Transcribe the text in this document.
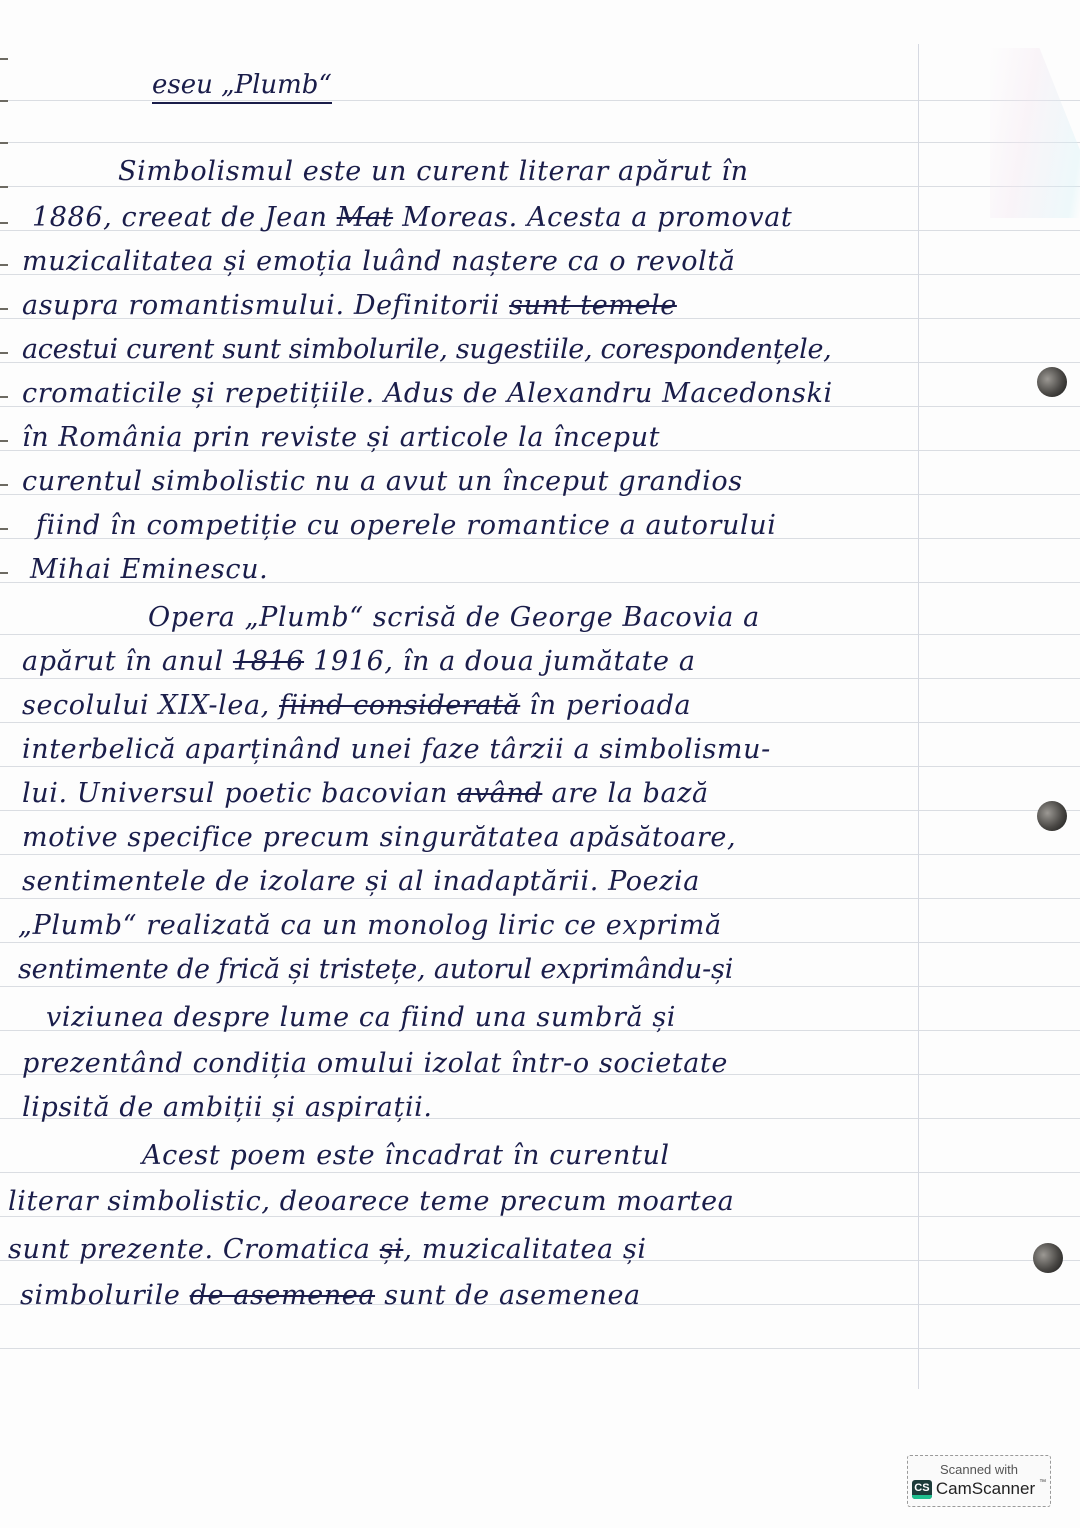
eseu „Plumb“
Simbolismul este un curent literar apărut în
1886, creeat de Jean Mat Moreas. Acesta a promovat
muzicalitatea și emoția luând naștere ca o revoltă
asupra romantismului. Definitorii sunt temele
acestui curent sunt simbolurile, sugestiile, corespondențele,
cromaticile și repetițiile. Adus de Alexandru Macedonski
în România prin reviste și articole la început
curentul simbolistic nu a avut un început grandios
fiind în competiție cu operele romantice a autorului
Mihai Eminescu.
Opera „Plumb“ scrisă de George Bacovia a
apărut în anul 1816 1916, în a doua jumătate a
secolului XIX-lea, fiind considerată în perioada
interbelică aparținând unei faze târzii a simbolismu-
lui. Universul poetic bacovian având are la bază
motive specifice precum singurătatea apăsătoare,
sentimentele de izolare și al inadaptării. Poezia
„Plumb“ realizată ca un monolog liric ce exprimă
sentimente de frică și tristețe, autorul exprimându-și
viziunea despre lume ca fiind una sumbră și
prezentând condiția omului izolat într-o societate
lipsită de ambiții și aspirații.
Acest poem este încadrat în curentul
literar simbolistic, deoarece teme precum moartea
sunt prezente. Cromatica și, muzicalitatea și
simbolurile de asemenea sunt de asemenea
Scanned with
CS CamScanner ™
